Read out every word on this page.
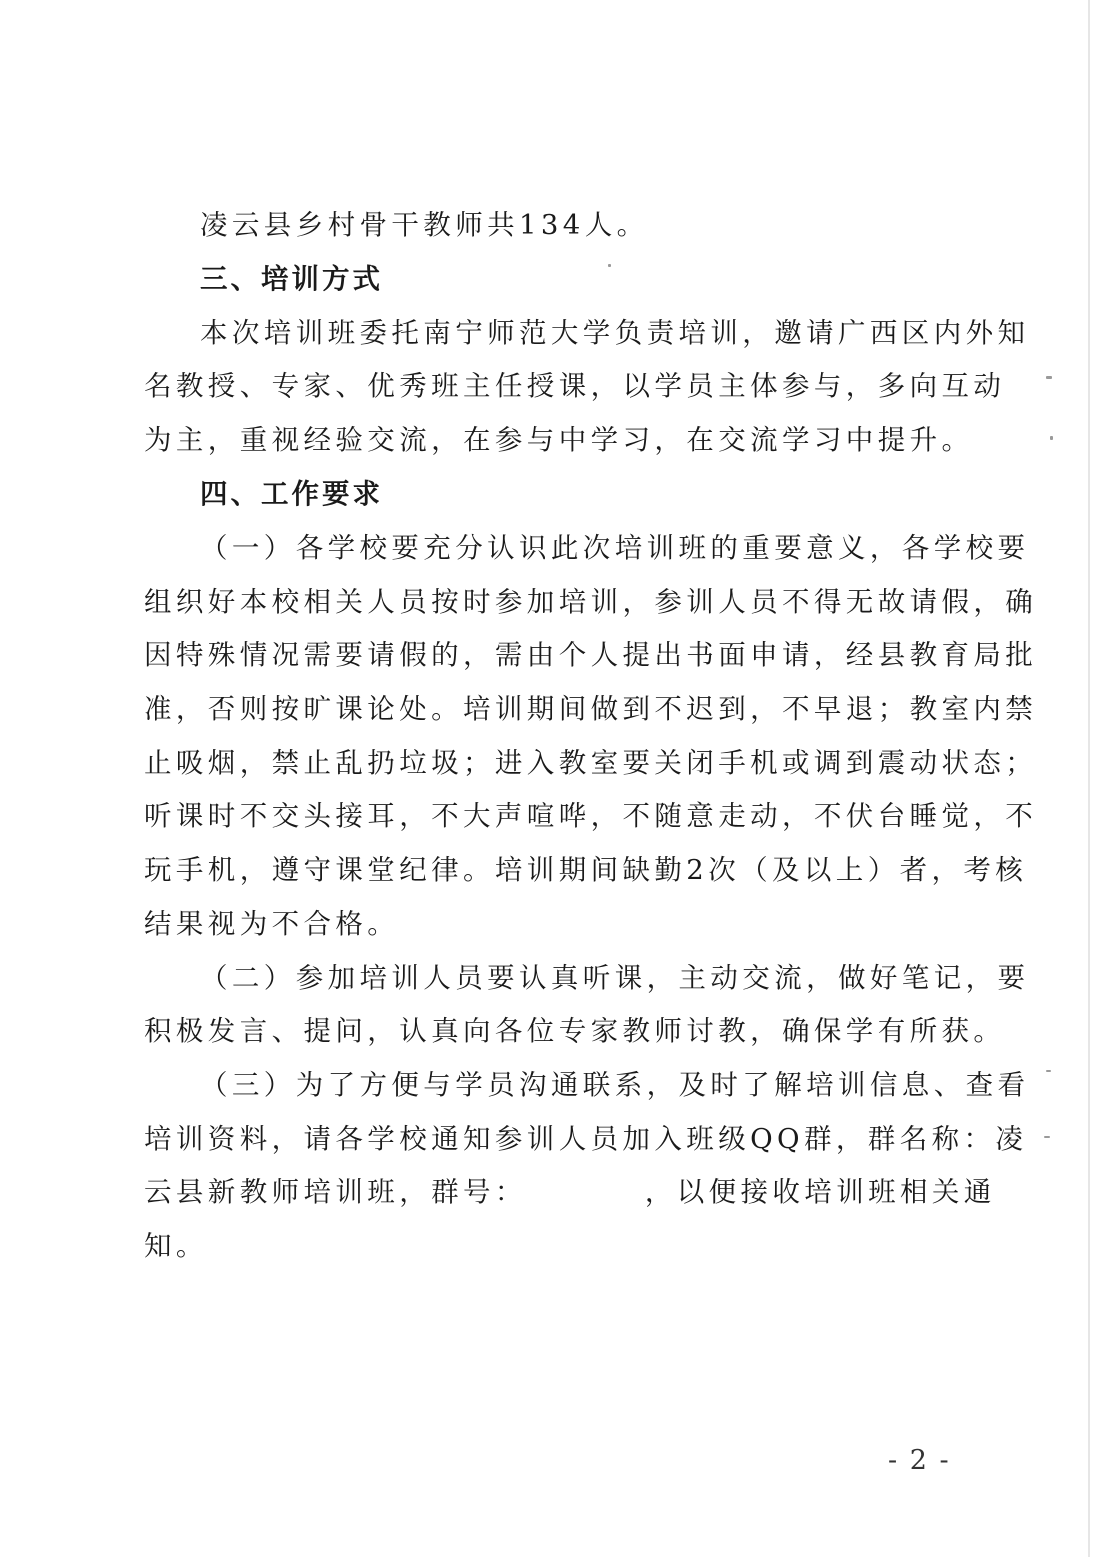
凌云县乡村骨干教师共134人。
三、培训方式
本次培训班委托南宁师范大学负责培训，邀请广西区内外知
名教授、专家、优秀班主任授课，以学员主体参与，多向互动
为主，重视经验交流，在参与中学习，在交流学习中提升。
四、工作要求
（一）各学校要充分认识此次培训班的重要意义，各学校要
组织好本校相关人员按时参加培训，参训人员不得无故请假，确
因特殊情况需要请假的，需由个人提出书面申请，经县教育局批
准，否则按旷课论处。培训期间做到不迟到，不早退；教室内禁
止吸烟，禁止乱扔垃圾；进入教室要关闭手机或调到震动状态；
听课时不交头接耳，不大声喧哗，不随意走动，不伏台睡觉，不
玩手机，遵守课堂纪律。培训期间缺勤2次（及以上）者，考核
结果视为不合格。
（二）参加培训人员要认真听课，主动交流，做好笔记，要
积极发言、提问，认真向各位专家教师讨教，确保学有所获。
（三）为了方便与学员沟通联系，及时了解培训信息、查看
培训资料，请各学校通知参训人员加入班级QQ群，群名称：凌
云县新教师培训班，群号：	，以便接收培训班相关通
知。
- 2 -
